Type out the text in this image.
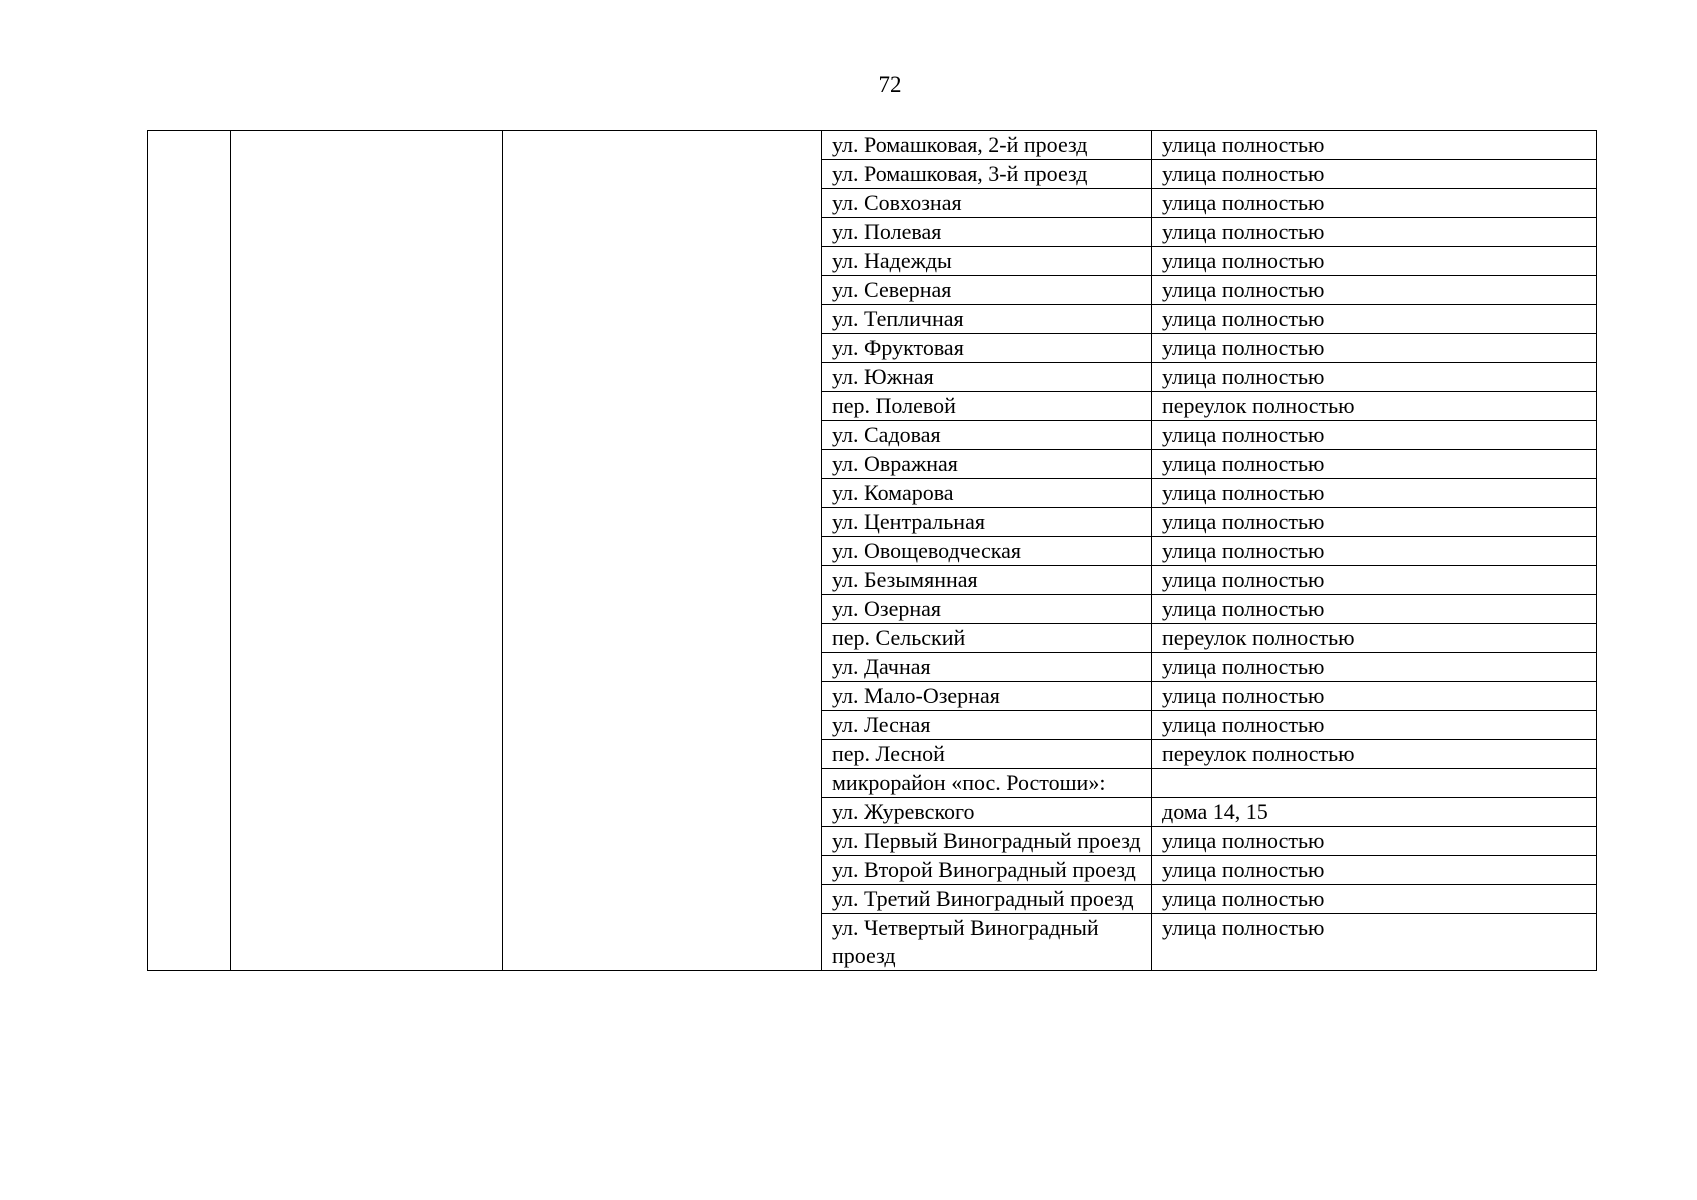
72
			ул. Ромашковая, 2-й проезд	улица полностью
			ул. Ромашковая, 3-й проезд	улица полностью
			ул. Совхозная	улица полностью
			ул. Полевая	улица полностью
			ул. Надежды	улица полностью
			ул. Северная	улица полностью
			ул. Тепличная	улица полностью
			ул. Фруктовая	улица полностью
			ул. Южная	улица полностью
			пер. Полевой	переулок полностью
			ул. Садовая	улица полностью
			ул. Овражная	улица полностью
			ул. Комарова	улица полностью
			ул. Центральная	улица полностью
			ул. Овощеводческая	улица полностью
			ул. Безымянная	улица полностью
			ул. Озерная	улица полностью
			пер. Сельский	переулок полностью
			ул. Дачная	улица полностью
			ул. Мало-Озерная	улица полностью
			ул. Лесная	улица полностью
			пер. Лесной	переулок полностью
			микрорайон «пос. Ростоши»:	
			ул. Журевского	дома 14, 15
			ул. Первый Виноградный проезд	улица полностью
			ул. Второй Виноградный проезд	улица полностью
			ул. Третий Виноградный проезд	улица полностью
			ул. Четвертый Виноградный проезд	улица полностью
